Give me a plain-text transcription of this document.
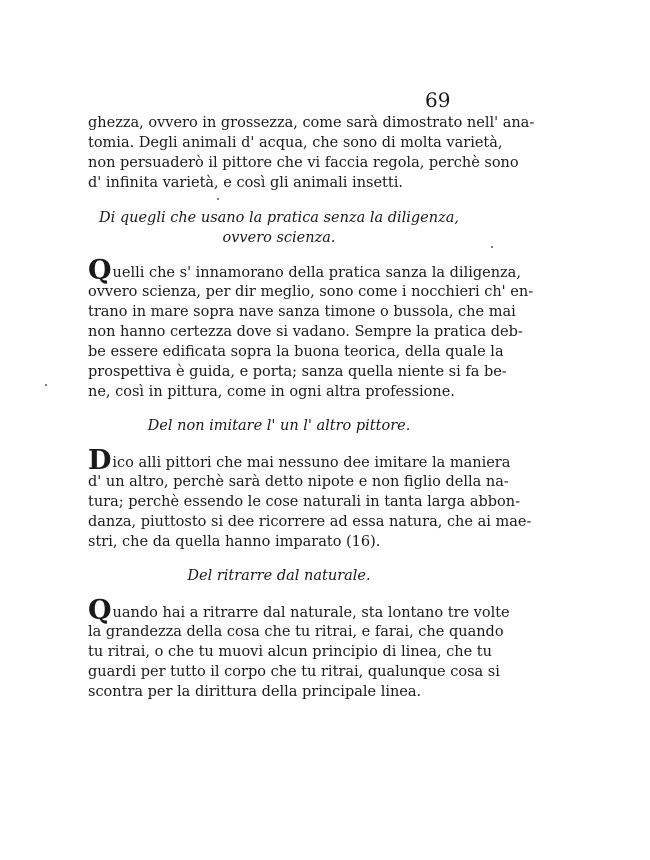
69
ghezza, ovvero in grossezza, come sarà dimostrato nell' ana-
tomia. Degli animali d' acqua, che sono di molta varietà,
non persuaderò il pittore che vi faccia regola, perchè sono
d' infinita varietà, e così gli animali insetti.
Di quegli che usano la pratica senza la diligenza,
ovvero scienza.
Quelli che s' innamorano della pratica sanza la diligenza,
ovvero scienza, per dir meglio, sono come i nocchieri ch' en-
trano in mare sopra nave sanza timone o bussola, che mai
non hanno certezza dove si vadano. Sempre la pratica deb-
be essere edificata sopra la buona teorica, della quale la
prospettiva è guida, e porta; sanza quella niente si fa be-
ne, così in pittura, come in ogni altra professione.
Del non imitare l' un l' altro pittore.
Dico alli pittori che mai nessuno dee imitare la maniera
d' un altro, perchè sarà detto nipote e non figlio della na-
tura; perchè essendo le cose naturali in tanta larga abbon-
danza, piuttosto si dee ricorrere ad essa natura, che ai mae-
stri, che da quella hanno imparato (16).
Del ritrarre dal naturale.
Quando hai a ritrarre dal naturale, sta lontano tre volte
la grandezza della cosa che tu ritrai, e farai, che quando
tu ritrai, o che tu muovi alcun principio di linea, che tu
guardi per tutto il corpo che tu ritrai, qualunque cosa si
scontra per la dirittura della principale linea.
